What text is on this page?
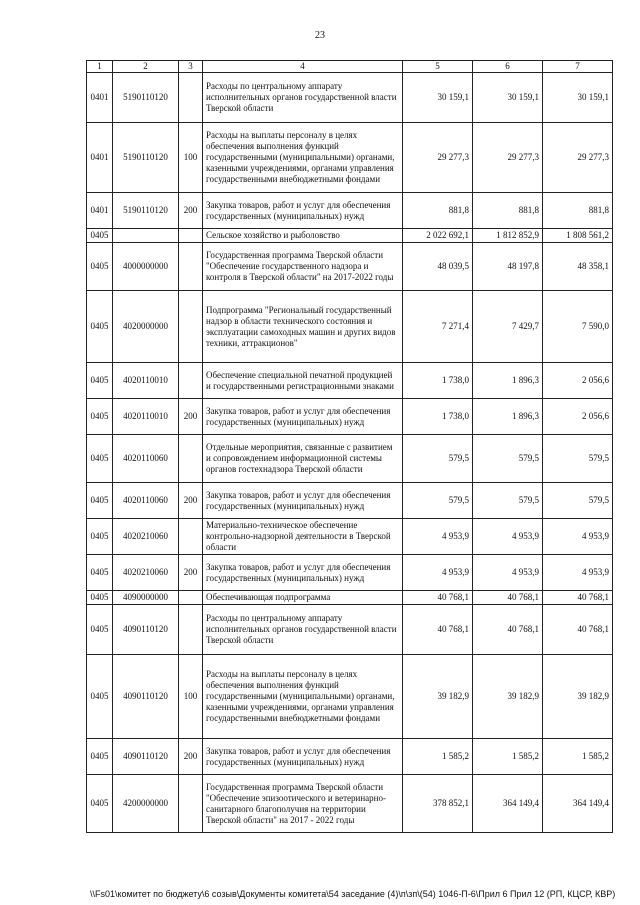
23
1	2	3	4	5	6	7
0401	5190110120		Расходы по центральному аппарату исполнительных органов государственной власти Тверской области	30 159,1	30 159,1	30 159,1
0401	5190110120	100	Расходы на выплаты персоналу в целях обеспечения выполнения функций государственными (муниципальными) органами, казенными учреждениями, органами управления государственными внебюджетными фондами	29 277,3	29 277,3	29 277,3
0401	5190110120	200	Закупка товаров, работ и услуг для обеспечения государственных (муниципальных) нужд	881,8	881,8	881,8
0405			Сельское хозяйство и рыболовство	2 022 692,1	1 812 852,9	1 808 561,2
0405	4000000000		Государственная программа Тверской области "Обеспечение государственного надзора и контроля в Тверской области" на 2017-2022 годы	48 039,5	48 197,8	48 358,1
0405	4020000000		Подпрограмма "Региональный государственный надзор в области технического состояния и эксплуатации самоходных машин и других видов техники, аттракционов"	7 271,4	7 429,7	7 590,0
0405	4020110010		Обеспечение специальной печатной продукцией и государственными регистрационными знаками	1 738,0	1 896,3	2 056,6
0405	4020110010	200	Закупка товаров, работ и услуг для обеспечения государственных (муниципальных) нужд	1 738,0	1 896,3	2 056,6
0405	4020110060		Отдельные мероприятия, связанные с развитием и сопровождением информационной системы органов гостехнадзора Тверской области	579,5	579,5	579,5
0405	4020110060	200	Закупка товаров, работ и услуг для обеспечения государственных (муниципальных) нужд	579,5	579,5	579,5
0405	4020210060		Материально-техническое обеспечение контрольно-надзорной деятельности в Тверской области	4 953,9	4 953,9	4 953,9
0405	4020210060	200	Закупка товаров, работ и услуг для обеспечения государственных (муниципальных) нужд	4 953,9	4 953,9	4 953,9
0405	4090000000		Обеспечивающая подпрограмма	40 768,1	40 768,1	40 768,1
0405	4090110120		Расходы по центральному аппарату исполнительных органов государственной власти Тверской области	40 768,1	40 768,1	40 768,1
0405	4090110120	100	Расходы на выплаты персоналу в целях обеспечения выполнения функций государственными (муниципальными) органами, казенными учреждениями, органами управления государственными внебюджетными фондами	39 182,9	39 182,9	39 182,9
0405	4090110120	200	Закупка товаров, работ и услуг для обеспечения государственных (муниципальных) нужд	1 585,2	1 585,2	1 585,2
0405	4200000000		Государственная программа Тверской области "Обеспечение эпизоотического и ветеринарно-санитарного благополучия на территории Тверской области" на 2017 - 2022 годы	378 852,1	364 149,4	364 149,4
\\Fs01\комитет по бюджету\6 созыв\Документы комитета\54 заседание (4)\п\зп\(54) 1046-П-6\Прил 6 Прил 12 (РП, КЦСР, КВР)
